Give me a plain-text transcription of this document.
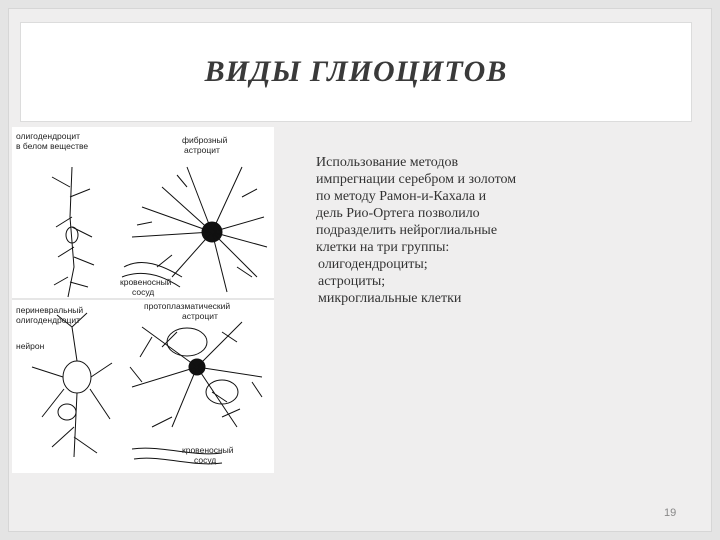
ВИДЫ ГЛИОЦИТОВ
олигодендроцит
в белом веществе
фиброзный
астроцит
кровеносный
сосуд
периневральный
олигодендроцит
протоплазматический
астроцит
нейрон
кровеносный
сосуд

Использование методов

импрегнации серебром и золотом

по методу Рамон-и-Кахала и

дель Рио-Ортега позволило

подразделить нейроглиальные

клетки на три группы:

олигодендроциты;

астроциты;

микроглиальные клетки

19
